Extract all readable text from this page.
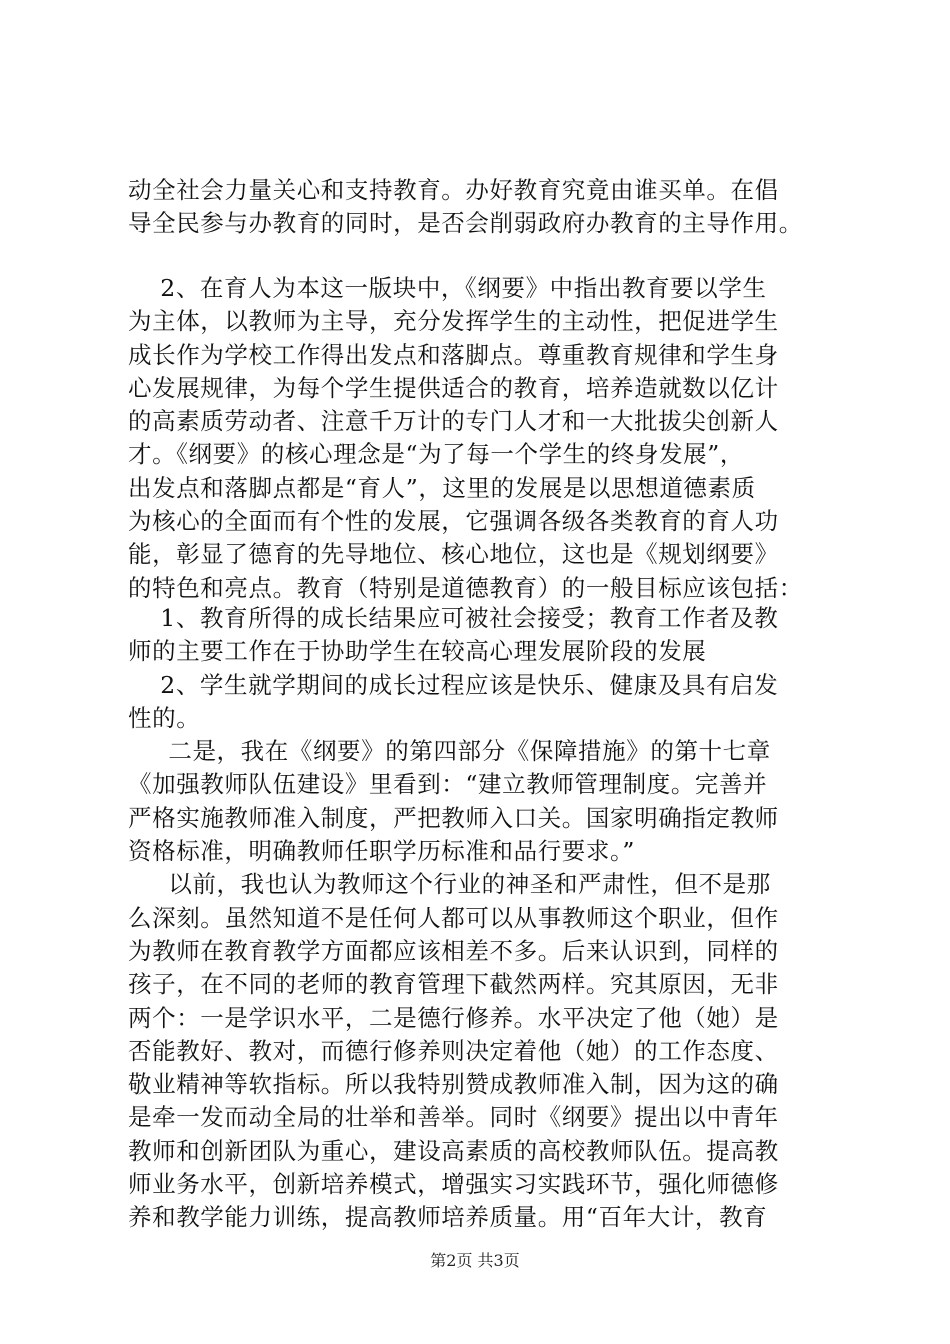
动全社会力量关心和支持教育。办好教育究竟由谁买单。在倡
导全民参与办教育的同时，是否会削弱政府办教育的主导作用。
2、在育人为本这一版块中，《纲要》中指出教育要以学生
为主体，以教师为主导，充分发挥学生的主动性，把促进学生
成长作为学校工作得出发点和落脚点。尊重教育规律和学生身
心发展规律，为每个学生提供适合的教育，培养造就数以亿计
的高素质劳动者、注意千万计的专门人才和一大批拔尖创新人
才。《纲要》的核心理念是“为了每一个学生的终身发展”，
出发点和落脚点都是“育人”，这里的发展是以思想道德素质
为核心的全面而有个性的发展，它强调各级各类教育的育人功
能，彰显了德育的先导地位、核心地位，这也是《规划纲要》
的特色和亮点。教育（特别是道德教育）的一般目标应该包括：
1、教育所得的成长结果应可被社会接受；教育工作者及教
师的主要工作在于协助学生在较高心理发展阶段的发展
2、学生就学期间的成长过程应该是快乐、健康及具有启发
性的。
二是，我在《纲要》的第四部分《保障措施》的第十七章
《加强教师队伍建设》里看到：“建立教师管理制度。完善并
严格实施教师准入制度，严把教师入口关。国家明确指定教师
资格标准，明确教师任职学历标准和品行要求。”
以前，我也认为教师这个行业的神圣和严肃性，但不是那
么深刻。虽然知道不是任何人都可以从事教师这个职业，但作
为教师在教育教学方面都应该相差不多。后来认识到，同样的
孩子，在不同的老师的教育管理下截然两样。究其原因，无非
两个：一是学识水平，二是德行修养。水平决定了他（她）是
否能教好、教对，而德行修养则决定着他（她）的工作态度、
敬业精神等软指标。所以我特别赞成教师准入制，因为这的确
是牵一发而动全局的壮举和善举。同时《纲要》提出以中青年
教师和创新团队为重心，建设高素质的高校教师队伍。提高教
师业务水平，创新培养模式，增强实习实践环节，强化师德修
养和教学能力训练，提高教师培养质量。用“百年大计，教育
第2页 共3页
